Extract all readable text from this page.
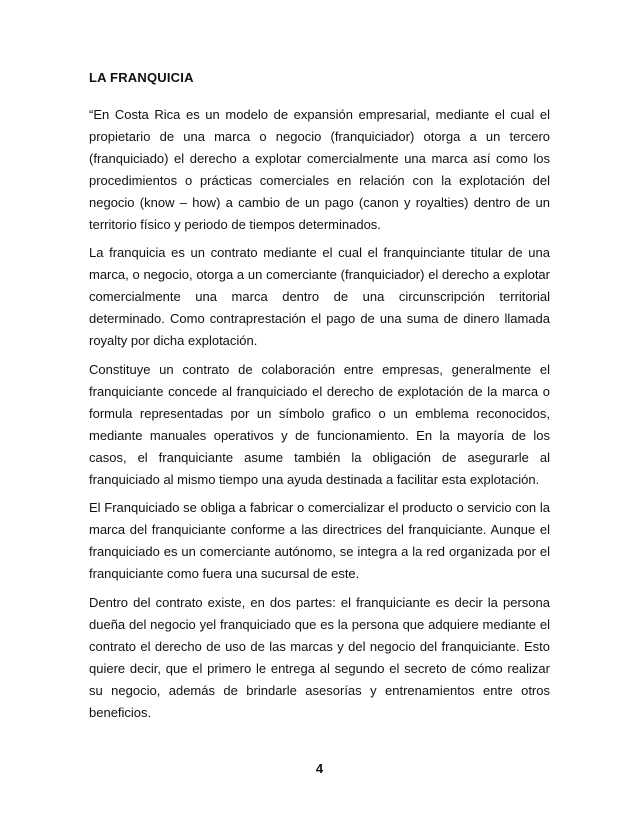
LA FRANQUICIA

“En Costa Rica es un modelo de expansión empresarial, mediante el cual el propietario de una marca o negocio (franquiciador) otorga a un tercero (franquiciado) el derecho a explotar comercialmente una marca así como los procedimientos o prácticas comerciales en relación con la explotación del negocio (know – how) a cambio de un pago (canon y royalties) dentro de un territorio físico y periodo de tiempos determinados.

La franquicia es un contrato mediante el cual el franquinciante titular de una marca, o negocio, otorga a un comerciante (franquiciador) el derecho a explotar comercialmente una marca dentro de una circunscripción territorial determinado. Como contraprestación el pago de una suma de dinero llamada royalty por dicha explotación.

Constituye un contrato de colaboración entre empresas, generalmente el franquiciante concede al franquiciado el derecho de explotación de la marca o formula representadas por un símbolo grafico o un emblema reconocidos, mediante manuales operativos y de funcionamiento. En la mayoría de los casos, el franquiciante asume también la obligación de asegurarle al franquiciado al mismo tiempo una ayuda destinada a facilitar esta explotación.

El Franquiciado se obliga a fabricar o comercializar el producto o servicio con la marca del franquiciante conforme a las directrices del franquiciante. Aunque el franquiciado es un comerciante autónomo, se integra a la red organizada por el franquiciante como fuera una sucursal de este.

Dentro del contrato existe, en dos partes: el franquiciante es decir la persona dueña del negocio yel franquiciado que es la persona que adquiere mediante el contrato el derecho de uso de las marcas y del negocio del franquiciante. Esto quiere decir, que el primero le entrega al segundo el secreto de cómo realizar su negocio, además de brindarle asesorías y entrenamientos entre otros beneficios.

4
